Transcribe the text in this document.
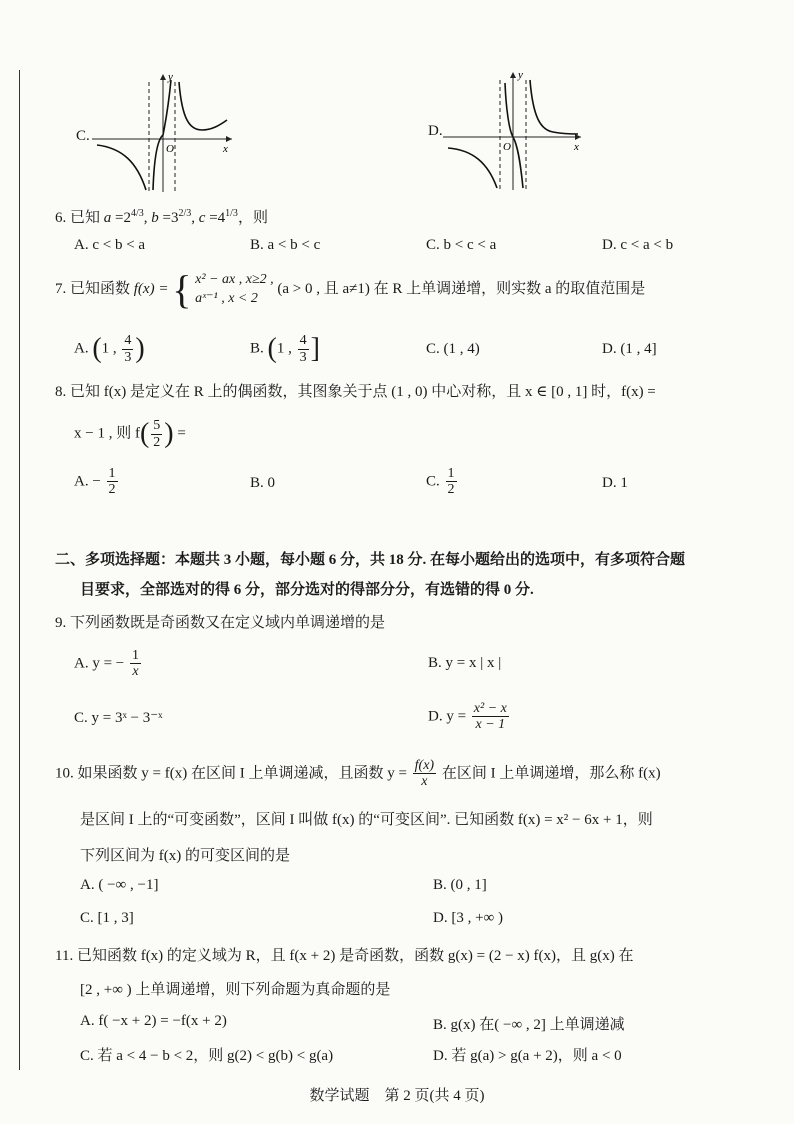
C.
O	x
y
D.
O	x
y
6. 已知 $a =2^{4/3}$, $b =3^{2/3}$, $c =4^{1/3}$，则
A. c < b < a	B. a < b < c	C. b < c < a	D. c < a < b
7. 已知函数 f(x) = { x² − ax , x≥2 ,
aˣ⁻¹ , x < 2
(a > 0 , 且 a≠1) 在 R 上单调递增，则实数 a 的取值范围是
A. (1 , $\frac{4}{3}$ )	B. (1 , $\frac{4}{3}$ ]	C. (1 , 4)	D. (1 , 4]
8. 已知 f(x) 是定义在 R 上的偶函数，其图象关于点 (1 , 0) 中心对称，且 x ∈ [0 , 1] 时，f(x) =
x − 1 , 则 $f( \frac{5}{2}$ ) =
A. − $\frac{1}{2}$	B. 0	C. $\frac{1}{2}$	D. 1
二、多项选择题：本题共 3 小题，每小题 6 分，共 18 分. 在每小题给出的选项中，有多项符合题
目要求，全部选对的得 6 分，部分选对的得部分分，有选错的得 0 分.
9. 下列函数既是奇函数又在定义域内单调递增的是
A. y = − $\frac{1}{x}$	B. y = x | x |
C. y = 3ˣ − 3⁻ˣ	D. $y = \frac{\text{x² − x}}{x - 1}$
10. 如果函数 y = f(x) 在区间 I 上单调递减，且函数 $y = \frac{f(x)}{x}$ 在区间 I 上单调递增，那么称 f(x)
是区间 I 上的“可变函数”，区间 I 叫做 f(x) 的“可变区间”. 已知函数 f(x) = x² − 6x + 1，则
下列区间为 f(x) 的可变区间的是
A. ( −∞ , −1]	B. (0 , 1]
C. [1 , 3]	D. [3 , +∞ )
11. 已知函数 f(x) 的定义域为 R，且 f(x + 2) 是奇函数，函数 g(x) = (2 − x) f(x)，且 g(x) 在
[2 , +∞ ) 上单调递增，则下列命题为真命题的是
A. f( −x + 2) = −f(x + 2)	B. g(x) 在( −∞ , 2] 上单调递减
C. 若 a < 4 − b < 2，则 g(2) < g(b) < g(a)	D. 若 g(a) > g(a + 2)，则 a < 0
数学试题　第 2 页(共 4 页)
